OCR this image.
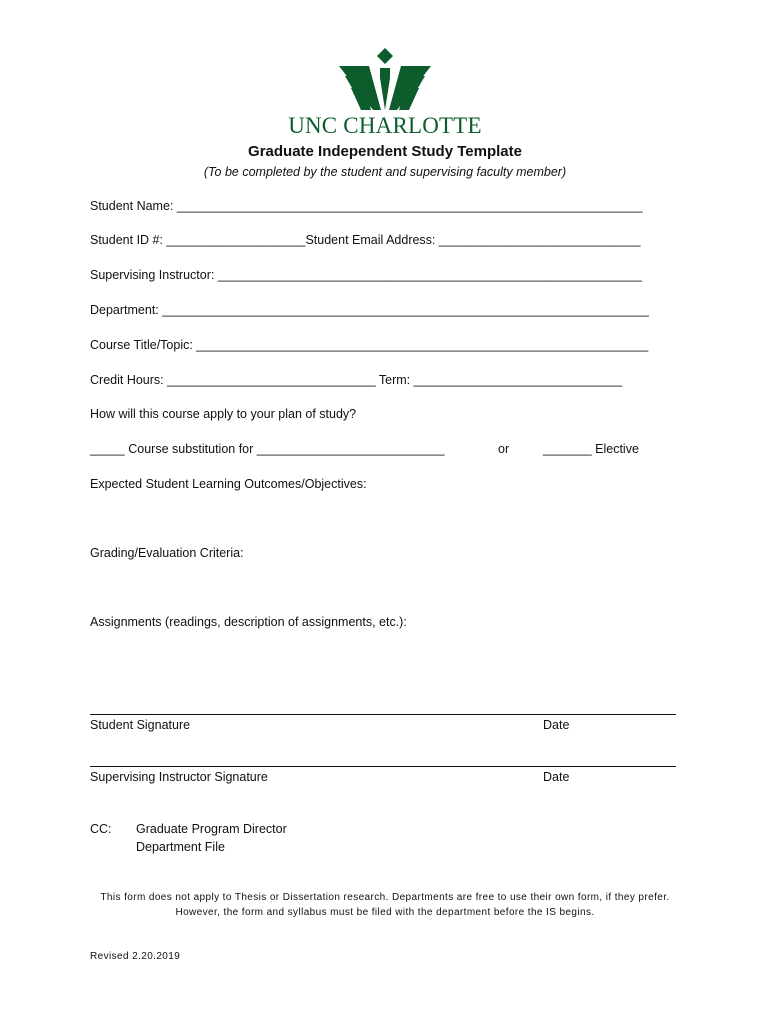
UNC CHARLOTTE
Graduate Independent Study Template
(To be completed by the student and supervising faculty member)
Student Name: ___________________________________________________________________
Student ID #: ____________________Student Email Address: _____________________________
Supervising Instructor: _____________________________________________________________
Department: ______________________________________________________________________
Course Title/Topic: _________________________________________________________________
Credit Hours: ______________________________ Term: ______________________________
How will this course apply to your plan of study?
_____ Course substitution for ___________________________	or	_______ Elective
Expected Student Learning Outcomes/Objectives:
Grading/Evaluation Criteria:
Assignments (readings, description of assignments, etc.):
Student Signature	Date
Supervising Instructor Signature	Date
CC: Graduate Program Director
Department File
This form does not apply to Thesis or Dissertation research. Departments are free to use their own form, if they prefer.
However, the form and syllabus must be filed with the department before the IS begins.
Revised 2.20.2019
